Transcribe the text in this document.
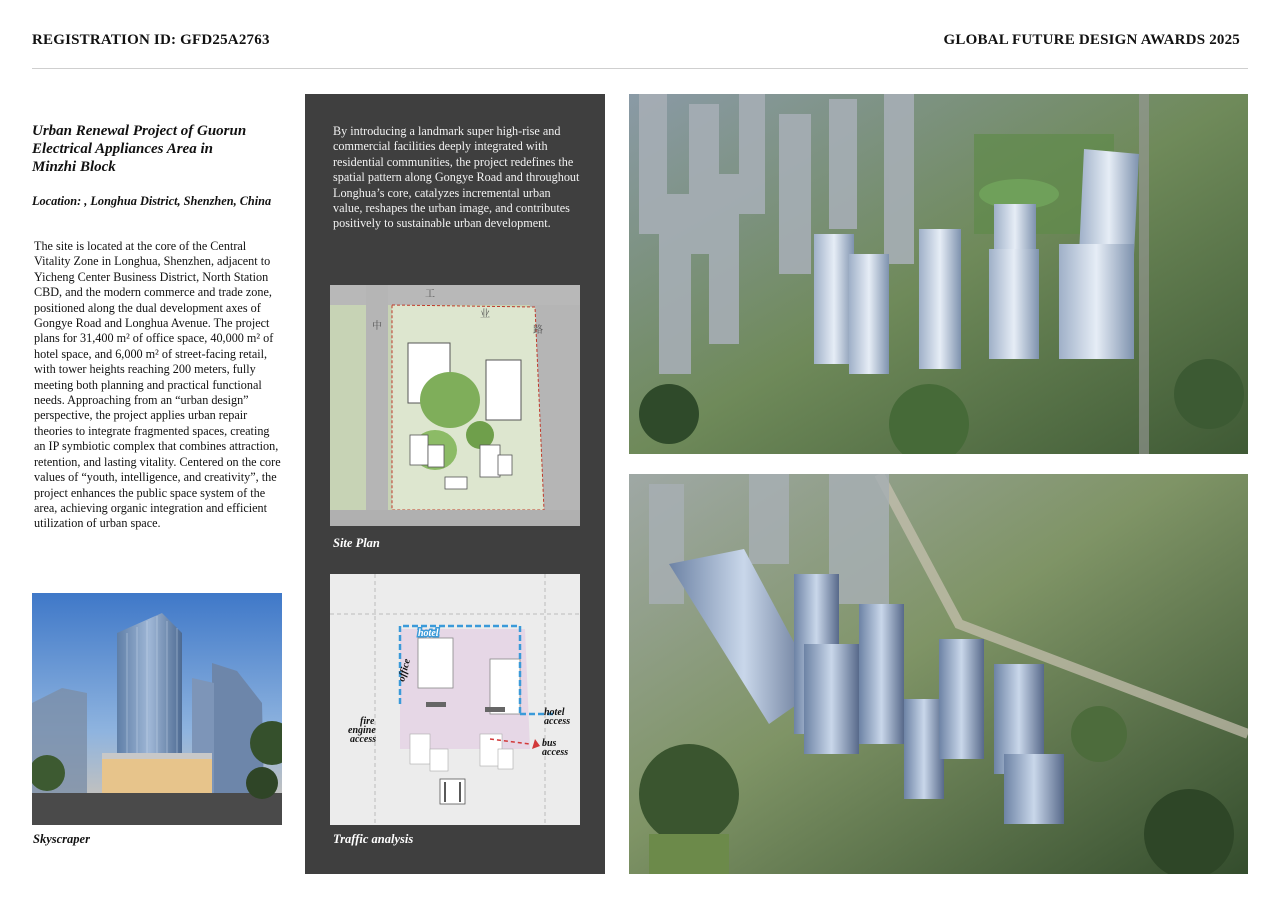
REGISTRATION ID: GFD25A2763	GLOBAL FUTURE DESIGN AWARDS 2025
Urban Renewal Project of Guorun
Electrical Appliances Area in
Minzhi Block
Location: , Longhua District, Shenzhen, China
The site is located at the core of the Central Vitality Zone in Longhua, Shenzhen, adjacent to Yicheng Center Business District, North Station CBD, and the modern commerce and trade zone, positioned along the dual development axes of Gongye Road and Longhua Avenue. The project plans for 31,400 m² of office space, 40,000 m² of hotel space, and 6,000 m² of street-facing retail, with tower heights reaching 200 meters, fully meeting both planning and practical functional needs. Approaching from an “urban design” perspective, the project applies urban repair theories to integrate fragmented spaces, creating an IP symbiotic complex that combines attraction, retention, and lasting vitality. Centered on the core values of “youth, intelligence, and creativity”, the project enhances the public space system of the area, achieving organic integration and efficient utilization of urban space.
Skyscraper
By introducing a landmark super high-rise and commercial facilities deeply integrated with residential communities, the project redefines the spatial pattern along Gongye Road and throughout Longhua’s core, catalyzes incremental urban value, reshapes the urban image, and contributes positively to sustainable urban development.
工
业
路
中
Site Plan
hotel
office
fire
engine
access
hotel
access
bus
access
Traffic analysis
